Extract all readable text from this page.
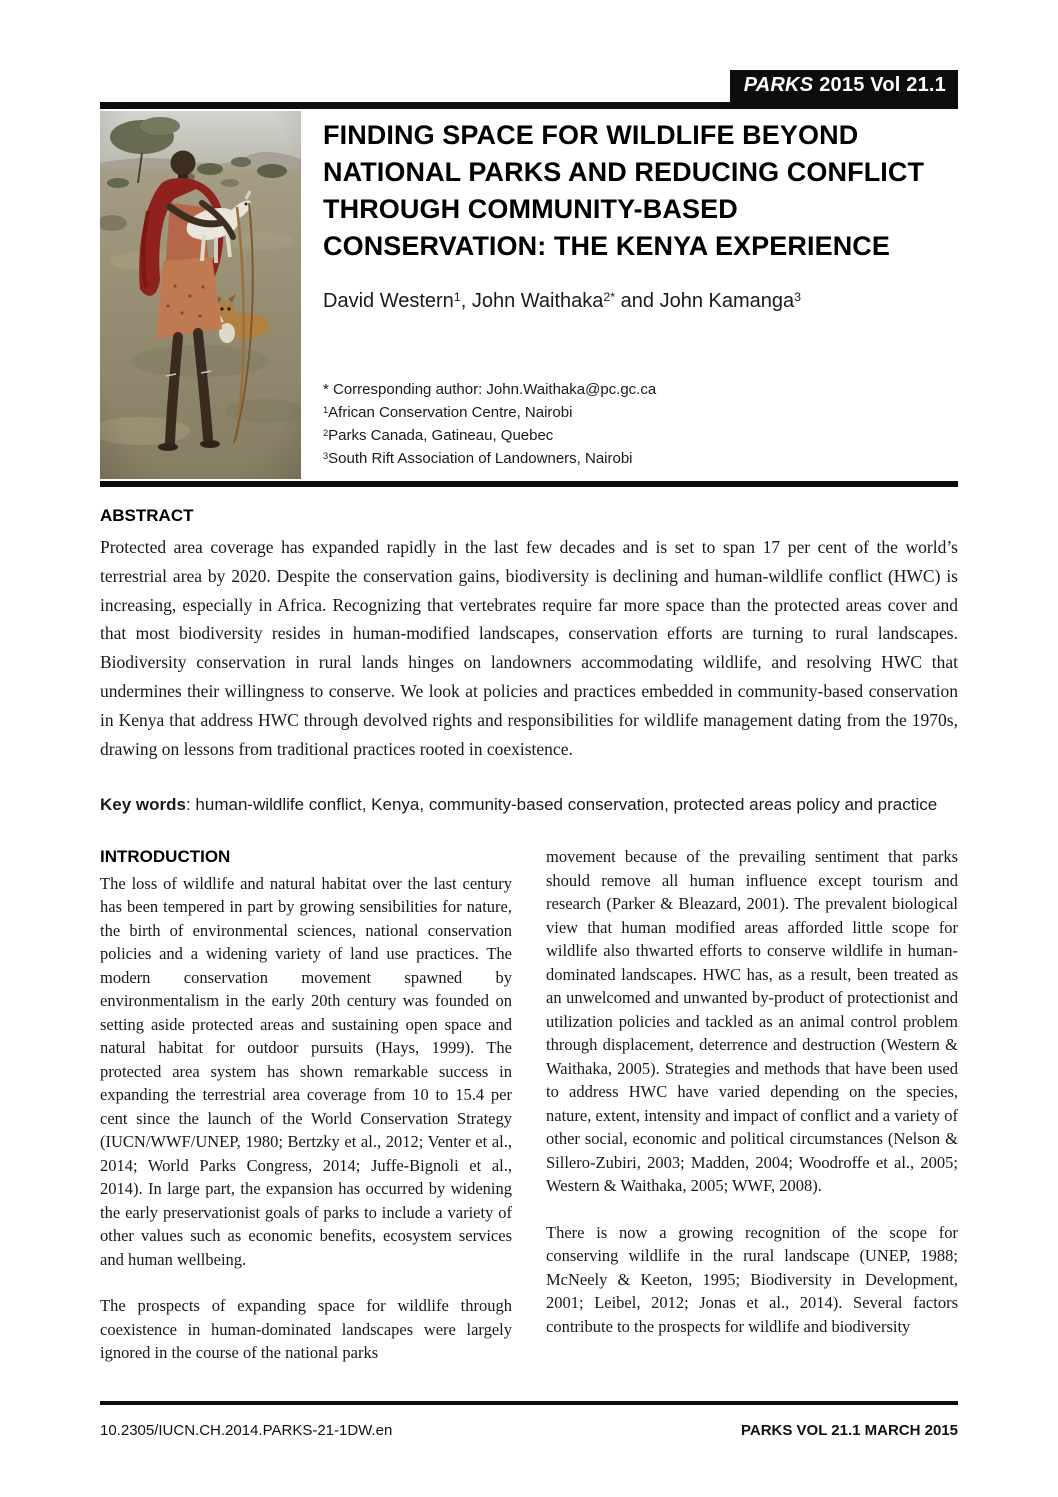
PARKS 2015 Vol 21.1
FINDING SPACE FOR WILDLIFE BEYOND
NATIONAL PARKS AND REDUCING CONFLICT
THROUGH COMMUNITY-BASED
CONSERVATION: THE KENYA EXPERIENCE
David Western$^1$, John Waithaka$^{2*}$ and John Kamanga$^3$

* Corresponding author: John.Waithaka@pc.gc.ca

$^1$African Conservation Centre, Nairobi

$^2$Parks Canada, Gatineau, Quebec

$^3$South Rift Association of Landowners, Nairobi

ABSTRACT
Protected area coverage has expanded rapidly in the last few decades and is set to span 17 per cent of the world’s terrestrial area by 2020. Despite the conservation gains, biodiversity is declining and human-wildlife conflict (HWC) is increasing, especially in Africa. Recognizing that vertebrates require far more space than the protected areas cover and that most biodiversity resides in human-modified landscapes, conservation efforts are turning to rural landscapes. Biodiversity conservation in rural lands hinges on landowners accommodating wildlife, and resolving HWC that undermines their willingness to conserve. We look at policies and practices embedded in community-based conservation in Kenya that address HWC through devolved rights and responsibilities for wildlife management dating from the 1970s, drawing on lessons from traditional practices rooted in coexistence.
Key words: human-wildlife conflict, Kenya, community-based conservation, protected areas policy and practice
INTRODUCTION

The loss of wildlife and natural habitat over the last century has been tempered in part by growing sensibilities for nature, the birth of environmental sciences, national conservation policies and a widening variety of land use practices. The modern conservation movement spawned by environmentalism in the early 20th century was founded on setting aside protected areas and sustaining open space and natural habitat for outdoor pursuits (Hays, 1999). The protected area system has shown remarkable success in expanding the terrestrial area coverage from 10 to 15.4 per cent since the launch of the World Conservation Strategy (IUCN/WWF/UNEP, 1980; Bertzky et al., 2012; Venter et al., 2014; World Parks Congress, 2014; Juffe-Bignoli et al., 2014). In large part, the expansion has occurred by widening the early preservationist goals of parks to include a variety of other values such as economic benefits, ecosystem services and human wellbeing.

The prospects of expanding space for wildlife through coexistence in human-dominated landscapes were largely ignored in the course of the national parks

movement because of the prevailing sentiment that parks should remove all human influence except tourism and research (Parker & Bleazard, 2001). The prevalent biological view that human modified areas afforded little scope for wildlife also thwarted efforts to conserve wildlife in human-dominated landscapes. HWC has, as a result, been treated as an unwelcomed and unwanted by-product of protectionist and utilization policies and tackled as an animal control problem through displacement, deterrence and destruction (Western & Waithaka, 2005). Strategies and methods that have been used to address HWC have varied depending on the species, nature, extent, intensity and impact of conflict and a variety of other social, economic and political circumstances (Nelson & Sillero-Zubiri, 2003; Madden, 2004; Woodroffe et al., 2005; Western & Waithaka, 2005; WWF, 2008).

There is now a growing recognition of the scope for conserving wildlife in the rural landscape (UNEP, 1988; McNeely & Keeton, 1995; Biodiversity in Development, 2001; Leibel, 2012; Jonas et al., 2014). Several factors contribute to the prospects for wildlife and biodiversity

10.2305/IUCN.CH.2014.PARKS-21-1DW.en	PARKS VOL 21.1 MARCH 2015
